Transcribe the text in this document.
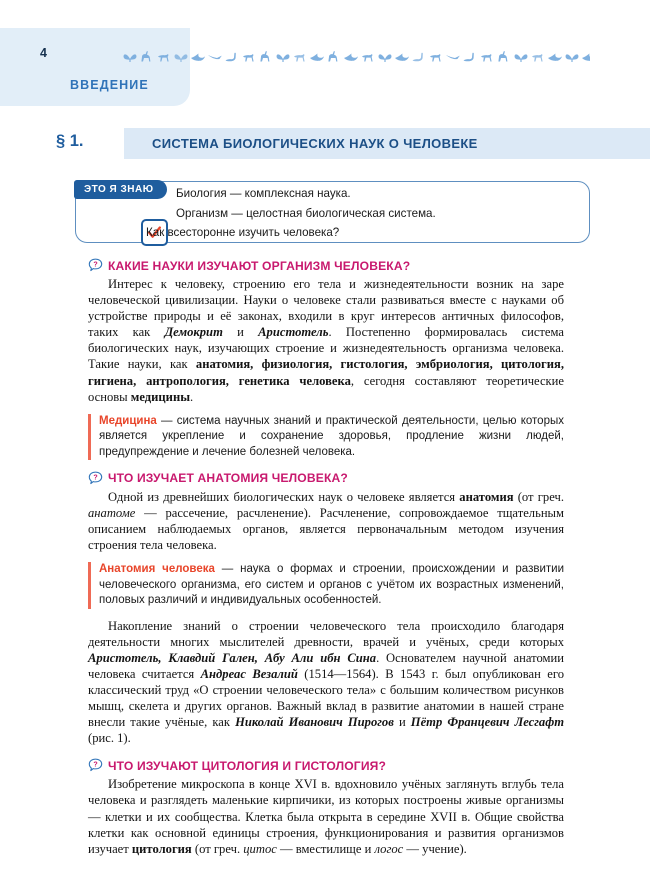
4
ВВЕДЕНИЕ
§ 1.	СИСТЕМА БИОЛОГИЧЕСКИХ НАУК О ЧЕЛОВЕКЕ
ЭТО Я ЗНАЮ	Биология — комплексная наука.
Организм — целостная биологическая система.
Как всесторонне изучить человека?
? КАКИЕ НАУКИ ИЗУЧАЮТ ОРГАНИЗМ ЧЕЛОВЕКА?

Интерес к человеку, строению его тела и жизнедеятельности возник на заре человеческой цивилизации. Науки о человеке стали развиваться вместе с науками об устройстве природы и её законах, входили в круг интересов античных философов, таких как Демокрит и Аристотель. Постепенно формировалась система биологических наук, изучающих строение и жизнедеятельность организма человека. Такие науки, как анатомия, физиология, гистология, эмбриология, цитология, гигиена, антропология, генетика человека, сегодня составляют теоретические основы медицины.

Медицина — система научных знаний и практической деятельности, целью которых является укрепление и сохранение здоровья, продление жизни людей, предупреждение и лечение болезней человека.
? ЧТО ИЗУЧАЕТ АНАТОМИЯ ЧЕЛОВЕКА?

Одной из древнейших биологических наук о человеке является анатомия (от греч. анатоме — рассечение, расчленение). Расчленение, сопровождаемое тщательным описанием наблюдаемых органов, является первоначальным методом изучения строения тела человека.

Анатомия человека — наука о формах и строении, происхождении и развитии человеческого организма, его систем и органов с учётом их возрастных изменений, половых различий и индивидуальных особенностей.

Накопление знаний о строении человеческого тела происходило благодаря деятельности многих мыслителей древности, врачей и учёных, среди которых Аристотель, Клавдий Гален, Абу Али ибн Сина. Основателем научной анатомии человека считается Андреас Везалий (1514—1564). В 1543 г. был опубликован его классический труд «О строении человеческого тела» с большим количеством рисунков мышц, скелета и других органов. Важный вклад в развитие анатомии в нашей стране внесли такие учёные, как Николай Иванович Пирогов и Пётр Францевич Лесгафт (рис. 1).

? ЧТО ИЗУЧАЮТ ЦИТОЛОГИЯ И ГИСТОЛОГИЯ?

Изобретение микроскопа в конце XVI в. вдохновило учёных заглянуть вглубь тела человека и разглядеть маленькие кирпичики, из которых построены живые организмы — клетки и их сообщества. Клетка была открыта в середине XVII в. Общие свойства клетки как основной единицы строения, функционирования и развития организмов изучает цитология (от греч. цитос — вместилище и логос — учение).
